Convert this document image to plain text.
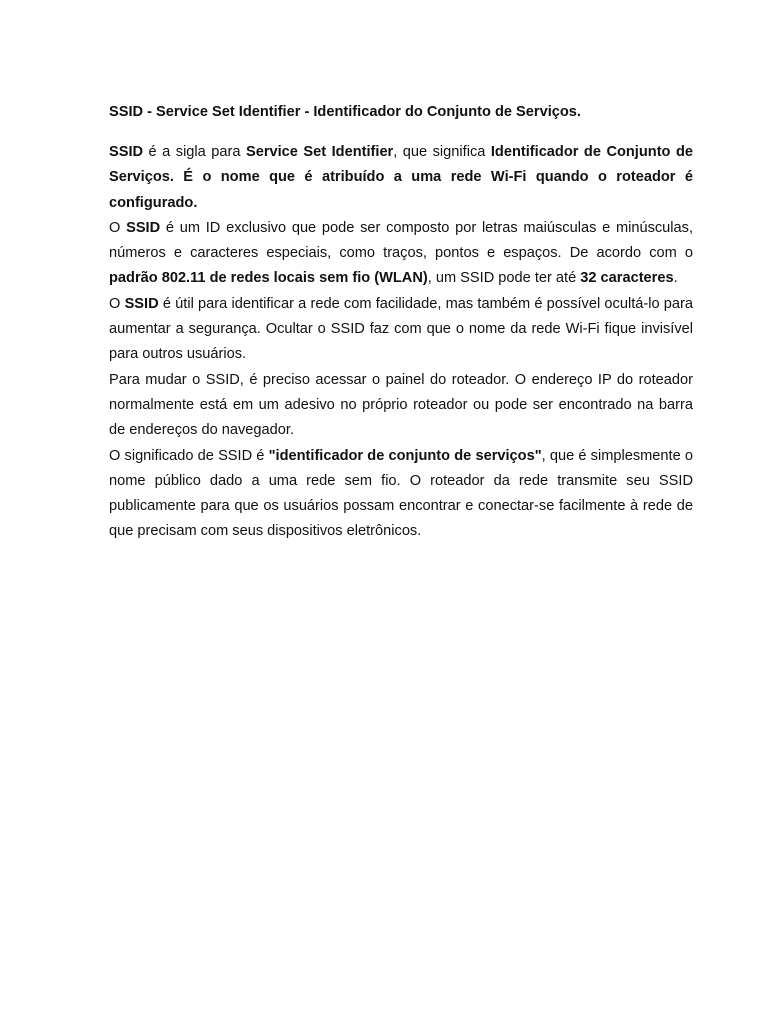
SSID - Service Set Identifier - Identificador do Conjunto de Serviços.

SSID é a sigla para Service Set Identifier, que significa Identificador de Conjunto de Serviços. É o nome que é atribuído a uma rede Wi-Fi quando o roteador é configurado.

O SSID é um ID exclusivo que pode ser composto por letras maiúsculas e minúsculas, números e caracteres especiais, como traços, pontos e espaços. De acordo com o padrão 802.11 de redes locais sem fio (WLAN), um SSID pode ter até 32 caracteres.

O SSID é útil para identificar a rede com facilidade, mas também é possível ocultá-lo para aumentar a segurança. Ocultar o SSID faz com que o nome da rede Wi-Fi fique invisível para outros usuários.

Para mudar o SSID, é preciso acessar o painel do roteador. O endereço IP do roteador normalmente está em um adesivo no próprio roteador ou pode ser encontrado na barra de endereços do navegador.

O significado de SSID é "identificador de conjunto de serviços", que é simplesmente o nome público dado a uma rede sem fio. O roteador da rede transmite seu SSID publicamente para que os usuários possam encontrar e conectar-se facilmente à rede de que precisam com seus dispositivos eletrônicos.
